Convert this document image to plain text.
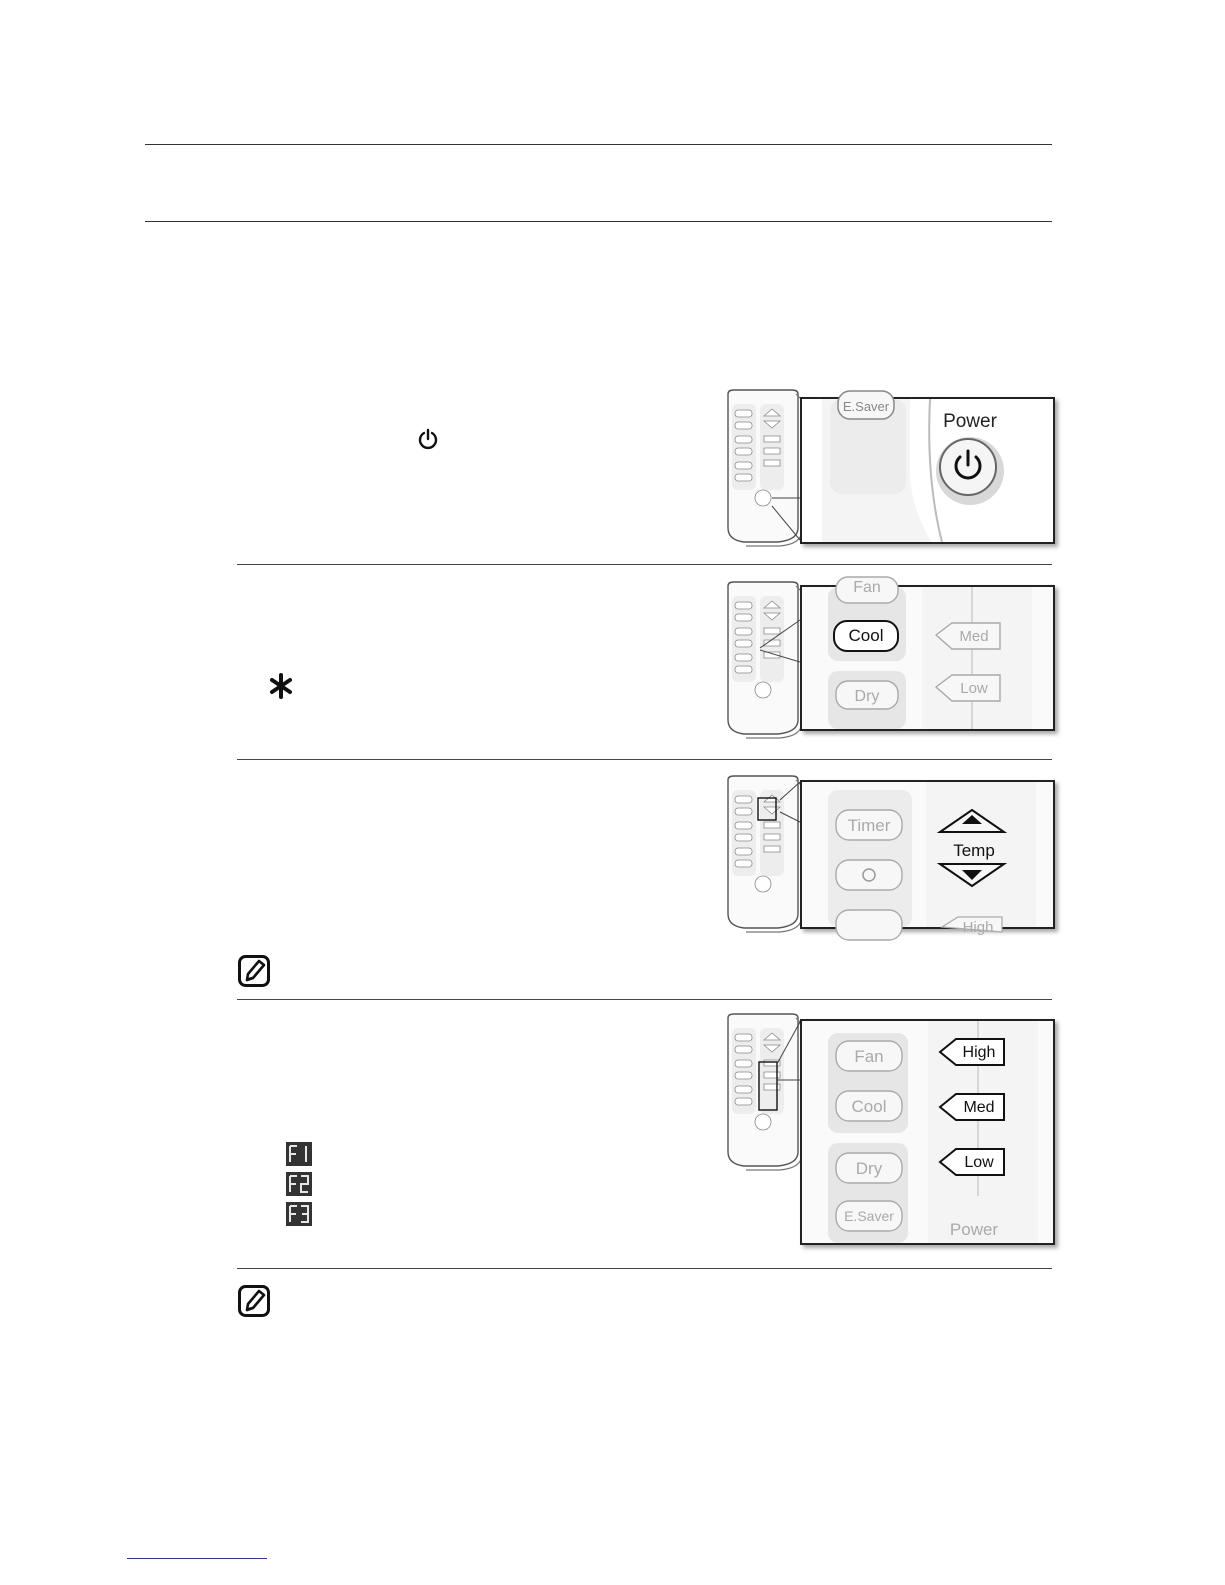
E.Saver
Power
Fan
Cool
Dry
Med
Low
Timer
Temp
High
Fan
Cool
Dry
E.Saver
High
Med
Low
Power
